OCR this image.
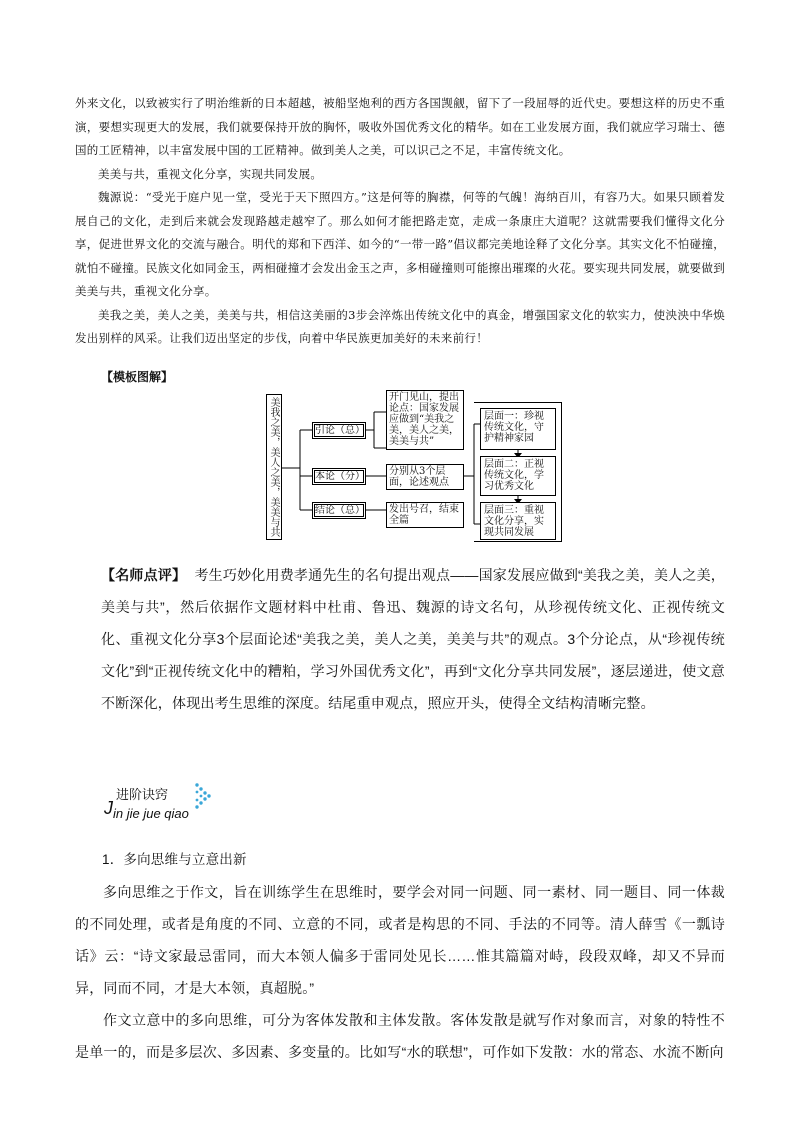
外来文化，以致被实行了明治维新的日本超越，被船坚炮利的西方各国觊觎，留下了一段屈辱的近代史。要想这样的历史不重演，要想实现更大的发展，我们就要保持开放的胸怀，吸收外国优秀文化的精华。如在工业发展方面，我们就应学习瑞士、德国的工匠精神，以丰富发展中国的工匠精神。做到美人之美，可以识己之不足，丰富传统文化。

美美与共，重视文化分享，实现共同发展。

魏源说：“受光于庭户见一堂，受光于天下照四方。”这是何等的胸襟，何等的气魄！海纳百川，有容乃大。如果只顾着发展自己的文化，走到后来就会发现路越走越窄了。那么如何才能把路走宽，走成一条康庄大道呢？这就需要我们懂得文化分享，促进世界文化的交流与融合。明代的郑和下西洋、如今的“一带一路”倡议都完美地诠释了文化分享。其实文化不怕碰撞，就怕不碰撞。民族文化如同金玉，两相碰撞才会发出金玉之声，多相碰撞则可能擦出璀璨的火花。要实现共同发展，就要做到美美与共，重视文化分享。

美我之美，美人之美，美美与共，相信这美丽的3步会淬炼出传统文化中的真金，增强国家文化的软实力，使泱泱中华焕发出别样的风采。让我们迈出坚定的步伐，向着中华民族更加美好的未来前行！

【模板图解】
美我之美，美人之美，美美与共	引论（总）
本论（分）
结论（总）
开门见山，提出论点：国家发展应做到“美我之美，美人之美，美美与共”
分别从3个层面，论述观点
发出号召，结束全篇
层面一：珍视传统文化，守护精神家园
层面二：正视传统文化，学习优秀文化
层面三：重视文化分享，实现共同发展

【名师点评】 考生巧妙化用费孝通先生的名句提出观点——国家发展应做到“美我之美，美人之美，美美与共”，然后依据作文题材料中杜甫、鲁迅、魏源的诗文名句，从珍视传统文化、正视传统文化、重视文化分享3个层面论述“美我之美，美人之美，美美与共”的观点。3个分论点，从“珍视传统文化”到“正视传统文化中的糟粕，学习外国优秀文化”，再到“文化分享共同发展”，逐层递进，使文意不断深化，体现出考生思维的深度。结尾重申观点，照应开头，使得全文结构清晰完整。

进阶诀窍
Jin jie jue qiao
1．多向思维与立意出新

多向思维之于作文，旨在训练学生在思维时，要学会对同一问题、同一素材、同一题目、同一体裁的不同处理，或者是角度的不同、立意的不同，或者是构思的不同、手法的不同等。清人薛雪《一瓢诗话》云：“诗文家最忌雷同，而大本领人偏多于雷同处见长……惟其篇篇对峙，段段双峰，却又不异而异，同而不同，才是大本领，真超脱。”

作文立意中的多向思维，可分为客体发散和主体发散。客体发散是就写作对象而言，对象的特性不是单一的，而是多层次、多因素、多变量的。比如写“水的联想”，可作如下发散：水的常态、水流不断向
